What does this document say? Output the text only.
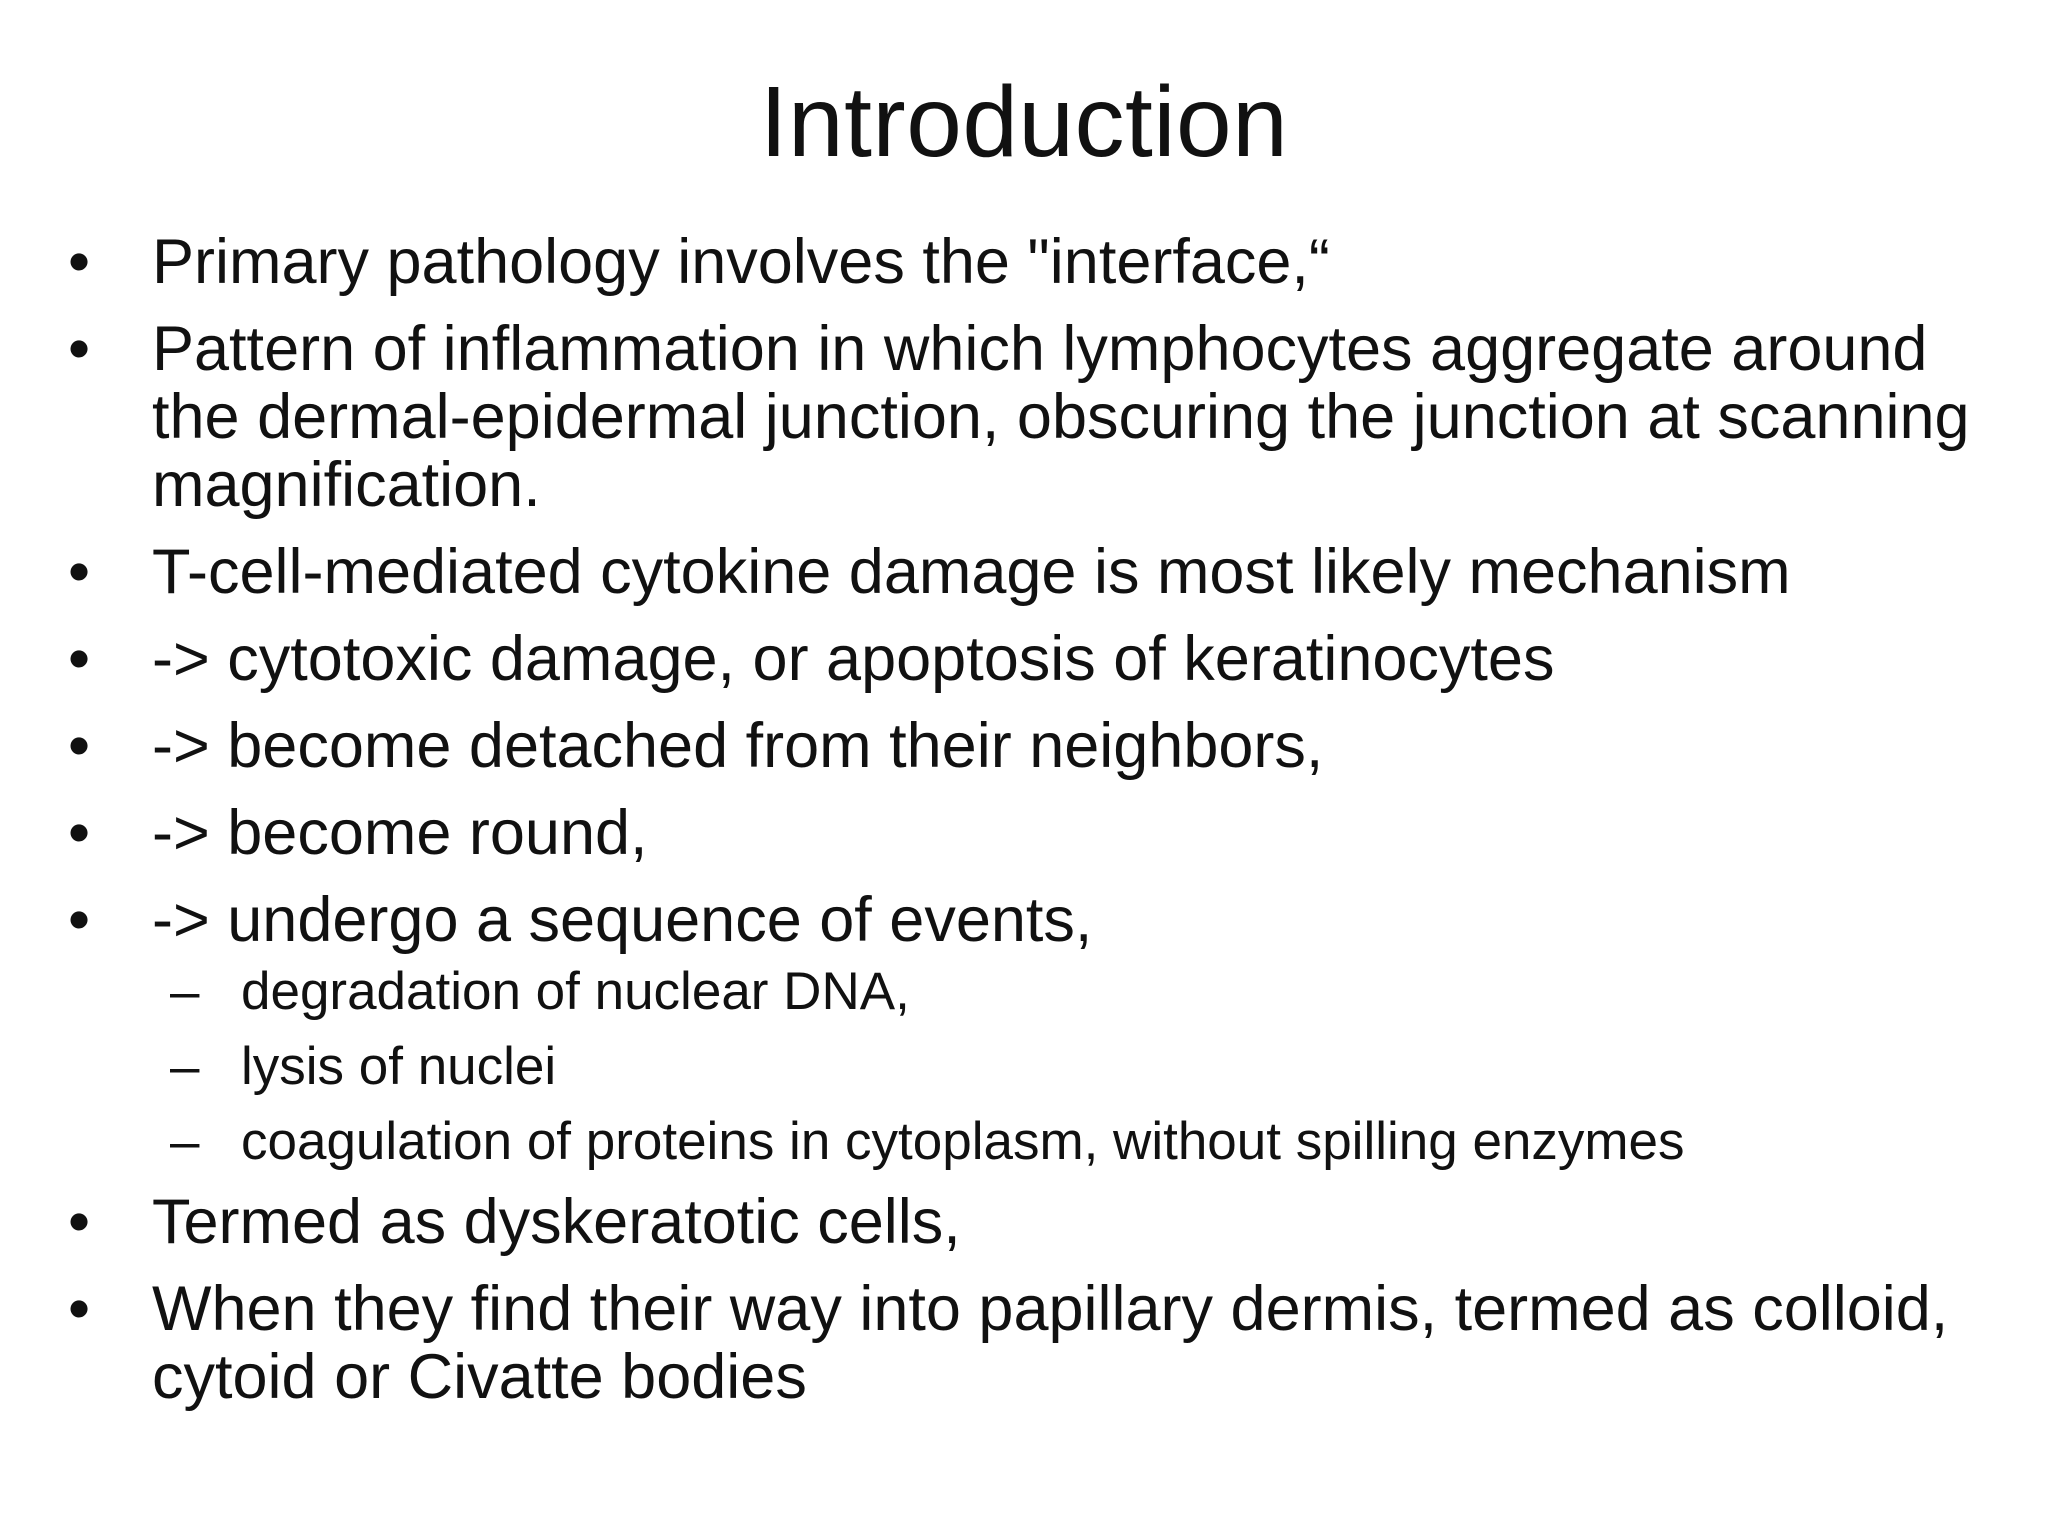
Introduction
• Primary pathology involves the "interface,“
• Pattern of inflammation in which lymphocytes aggregate around the dermal-epidermal junction, obscuring the junction at scanning magnification.
• T-cell-mediated cytokine damage is most likely mechanism
• -> cytotoxic damage, or apoptosis of keratinocytes
• -> become detached from their neighbors,
• -> become round,
• -> undergo a sequence of events,
– degradation of nuclear DNA,
– lysis of nuclei
– coagulation of proteins in cytoplasm, without spilling enzymes
• Termed as dyskeratotic cells,
• When they find their way into papillary dermis, termed as colloid, cytoid or Civatte bodies
